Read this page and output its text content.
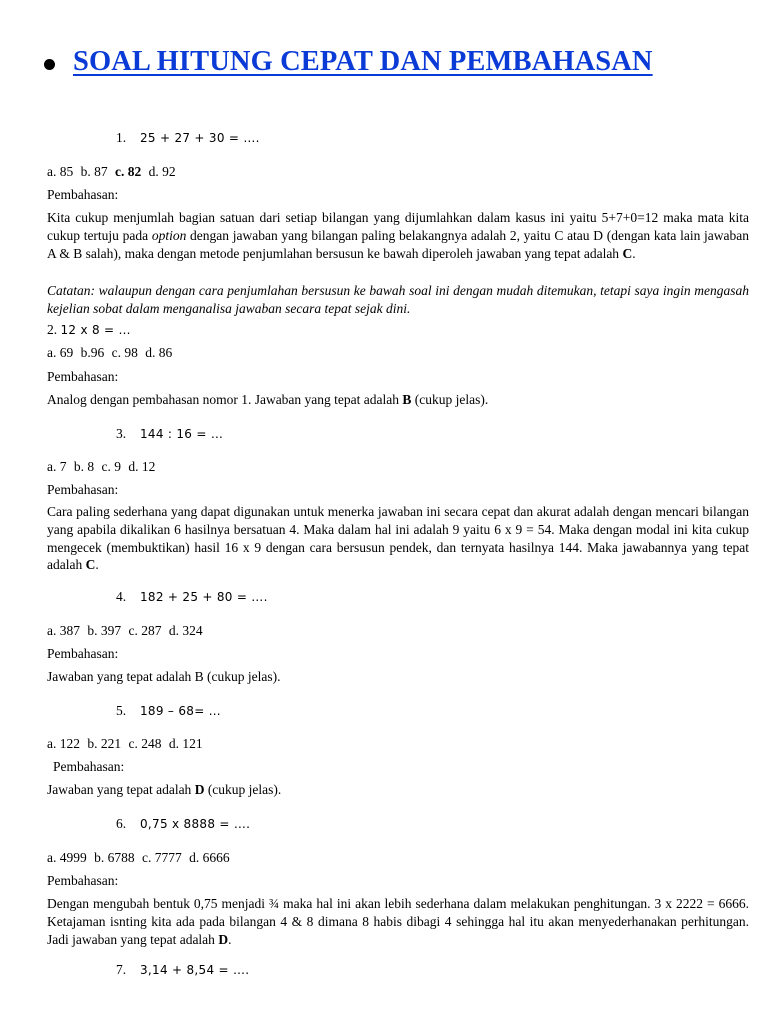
SOAL HITUNG CEPAT DAN PEMBAHASAN
1. 25 + 27 + 30 = ….
a. 85 b. 87 c. 82 d. 92
Pembahasan:
Kita cukup menjumlah bagian satuan dari setiap bilangan yang dijumlahkan dalam kasus ini yaitu 5+7+0=12 maka mata kita cukup tertuju pada option dengan jawaban yang bilangan paling belakangnya adalah 2, yaitu C atau D (dengan kata lain jawaban A & B salah), maka dengan metode penjumlahan bersusun ke bawah diperoleh jawaban yang tepat adalah C.
Catatan: walaupun dengan cara penjumlahan bersusun ke bawah soal ini dengan mudah ditemukan, tetapi saya ingin mengasah kejelian sobat dalam menganalisa jawaban secara tepat sejak dini.
2. 12 x 8 = …
a. 69 b.96 c. 98 d. 86
Pembahasan:
Analog dengan pembahasan nomor 1. Jawaban yang tepat adalah B (cukup jelas).
3. 144 : 16 = …
a. 7 b. 8 c. 9 d. 12
Pembahasan:
Cara paling sederhana yang dapat digunakan untuk menerka jawaban ini secara cepat dan akurat adalah dengan mencari bilangan yang apabila dikalikan 6 hasilnya bersatuan 4. Maka dalam hal ini adalah 9 yaitu 6 x 9 = 54. Maka dengan modal ini kita cukup mengecek (membuktikan) hasil 16 x 9 dengan cara bersusun pendek, dan ternyata hasilnya 144. Maka jawabannya yang tepat adalah C.
4. 182 + 25 + 80 = ….
a. 387 b. 397 c. 287 d. 324
Pembahasan:
Jawaban yang tepat adalah B (cukup jelas).
5. 189 – 68= …
a. 122 b. 221 c. 248 d. 121
Pembahasan:
Jawaban yang tepat adalah D (cukup jelas).
6. 0,75 x 8888 = ….
a. 4999 b. 6788 c. 7777 d. 6666
Pembahasan:
Dengan mengubah bentuk 0,75 menjadi ¾ maka hal ini akan lebih sederhana dalam melakukan penghitungan. 3 x 2222 = 6666. Ketajaman isnting kita ada pada bilangan 4 & 8 dimana 8 habis dibagi 4 sehingga hal itu akan menyederhanakan perhitungan. Jadi jawaban yang tepat adalah D.
7. 3,14 + 8,54 = ….
